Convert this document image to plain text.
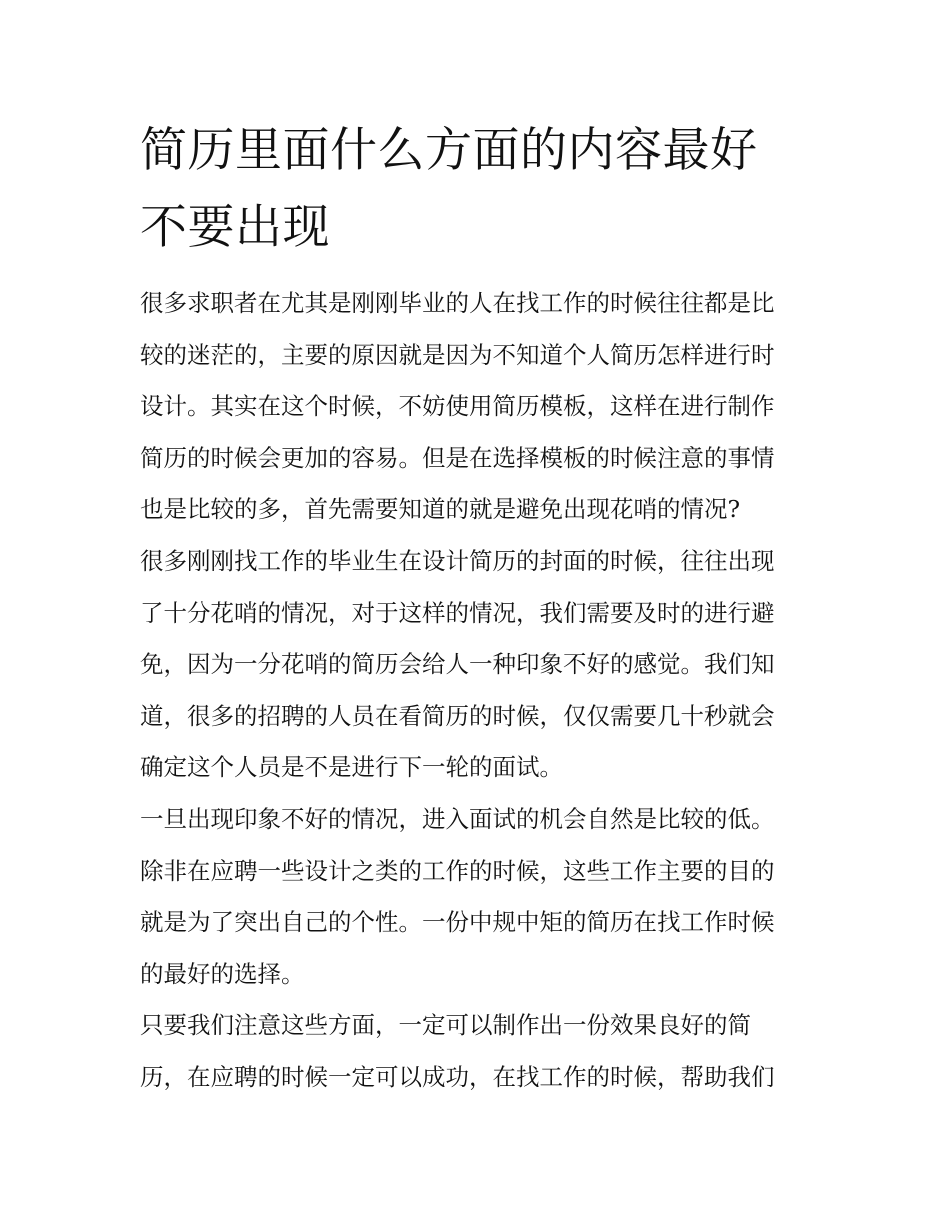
简历里面什么方面的内容最好
不要出现
很多求职者在尤其是刚刚毕业的人在找工作的时候往往都是比
较的迷茫的，主要的原因就是因为不知道个人简历怎样进行时
设计。其实在这个时候，不妨使用简历模板，这样在进行制作
简历的时候会更加的容易。但是在选择模板的时候注意的事情
也是比较的多，首先需要知道的就是避免出现花哨的情况?
很多刚刚找工作的毕业生在设计简历的封面的时候，往往出现
了十分花哨的情况，对于这样的情况，我们需要及时的进行避
免，因为一分花哨的简历会给人一种印象不好的感觉。我们知
道，很多的招聘的人员在看简历的时候，仅仅需要几十秒就会
确定这个人员是不是进行下一轮的面试。
一旦出现印象不好的情况，进入面试的机会自然是比较的低。
除非在应聘一些设计之类的工作的时候，这些工作主要的目的
就是为了突出自己的个性。一份中规中矩的简历在找工作时候
的最好的选择。
只要我们注意这些方面，一定可以制作出一份效果良好的简
历，在应聘的时候一定可以成功，在找工作的时候，帮助我们
